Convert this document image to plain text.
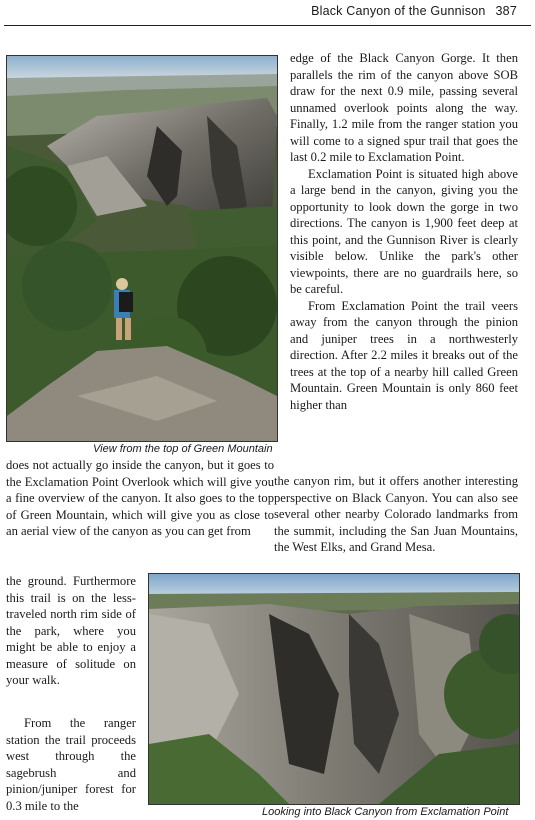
Black Canyon of the Gunnison 387
View from the top of Green Mountain

edge of the Black Canyon Gorge. It then parallels the rim of the canyon above SOB draw for the next 0.9 mile, passing several unnamed overlook points along the way. Finally, 1.2 mile from the ranger station you will come to a signed spur trail that goes the last 0.2 mile to Exclamation Point.

Exclamation Point is situated high above a large bend in the canyon, giving you the opportunity to look down the gorge in two directions. The canyon is 1,900 feet deep at this point, and the Gunnison River is clearly visible below. Unlike the park's other viewpoints, there are no guardrails here, so be careful.

From Exclamation Point the trail veers away from the canyon through the pinion and juniper trees in a northwesterly direction. After 2.2 miles it breaks out of the trees at the top of a nearby hill called Green Mountain. Green Mountain is only 860 feet higher than

does not actually go inside the canyon, but it goes to the Exclamation Point Overlook which will give you a fine overview of the canyon. It also goes to the top of Green Mountain, which will give you as close to an aerial view of the canyon as you can get from

the canyon rim, but it offers another interesting perspective on Black Canyon. You can also see several other nearby Colorado landmarks from the summit, including the San Juan Mountains, the West Elks, and Grand Mesa.

the ground. Furthermore this trail is on the less-traveled north rim side of the park, where you might be able to enjoy a measure of solitude on your walk.

From the ranger station the trail proceeds west through the sagebrush and pinion/juniper forest for 0.3 mile to the	Looking into Black Canyon from Exclamation Point
